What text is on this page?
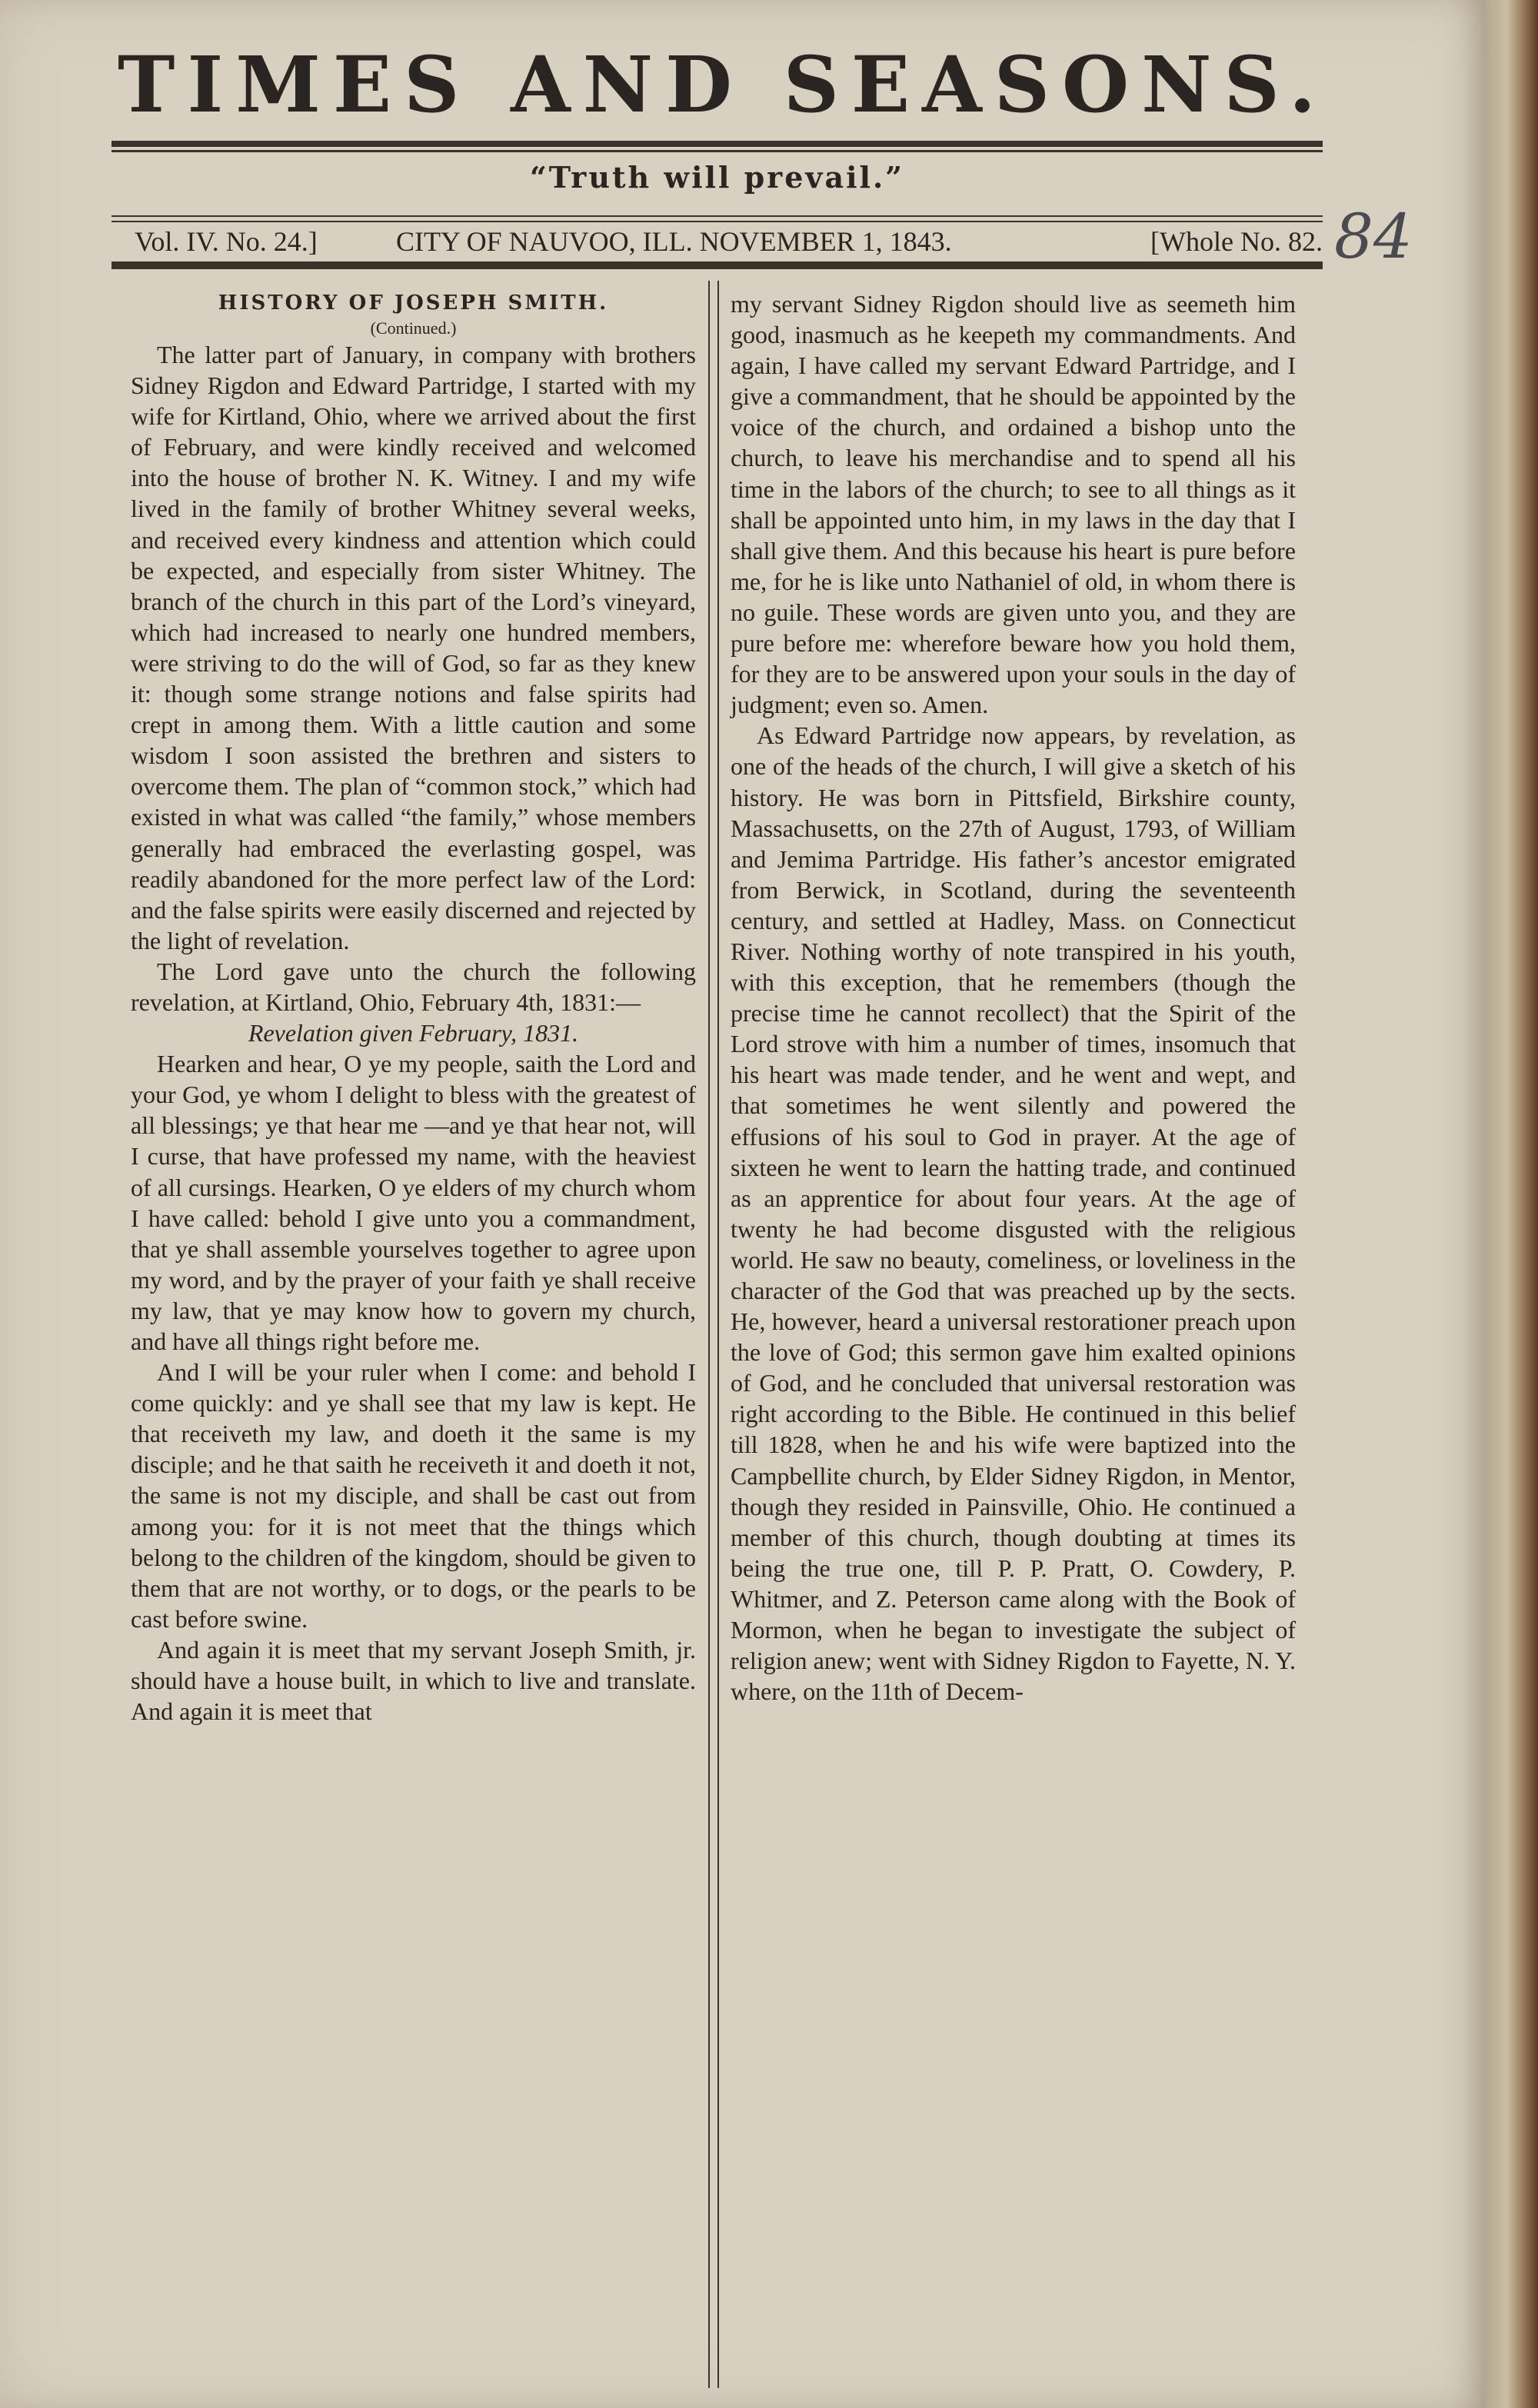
TIMES AND SEASONS.
“Truth will prevail.”
Vol. IV. No. 24.]	CITY OF NAUVOO, ILL. NOVEMBER 1, 1843.	[Whole No. 82. 84
HISTORY OF JOSEPH SMITH.
(Continued.)

The latter part of January, in company with brothers Sidney Rigdon and Edward Partridge, I started with my wife for Kirtland, Ohio, where we arrived about the first of February, and were kindly received and welcomed into the house of brother N. K. Witney. I and my wife lived in the family of brother Whitney several weeks, and received every kindness and attention which could be expected, and especially from sister Whitney. The branch of the church in this part of the Lord’s vineyard, which had increased to nearly one hundred members, were striving to do the will of God, so far as they knew it: though some strange notions and false spirits had crept in among them. With a little caution and some wisdom I soon assisted the brethren and sisters to overcome them. The plan of “common stock,” which had existed in what was called “the family,” whose members generally had embraced the everlasting gospel, was readily abandoned for the more perfect law of the Lord: and the false spirits were easily discerned and rejected by the light of revelation.

The Lord gave unto the church the following revelation, at Kirtland, Ohio, February 4th, 1831:—

Revelation given February, 1831.

Hearken and hear, O ye my people, saith the Lord and your God, ye whom I delight to bless with the greatest of all blessings; ye that hear me —and ye that hear not, will I curse, that have professed my name, with the heaviest of all cursings. Hearken, O ye elders of my church whom I have called: behold I give unto you a commandment, that ye shall assemble yourselves together to agree upon my word, and by the prayer of your faith ye shall receive my law, that ye may know how to govern my church, and have all things right before me.

And I will be your ruler when I come: and behold I come quickly: and ye shall see that my law is kept. He that receiveth my law, and doeth it the same is my disciple; and he that saith he receiveth it and doeth it not, the same is not my disciple, and shall be cast out from among you: for it is not meet that the things which belong to the children of the kingdom, should be given to them that are not worthy, or to dogs, or the pearls to be cast before swine.

And again it is meet that my servant Joseph Smith, jr. should have a house built, in which to live and translate. And again it is meet that

my servant Sidney Rigdon should live as seemeth him good, inasmuch as he keepeth my commandments. And again, I have called my servant Edward Partridge, and I give a commandment, that he should be appointed by the voice of the church, and ordained a bishop unto the church, to leave his merchandise and to spend all his time in the labors of the church; to see to all things as it shall be appointed unto him, in my laws in the day that I shall give them. And this because his heart is pure before me, for he is like unto Nathaniel of old, in whom there is no guile. These words are given unto you, and they are pure before me: wherefore beware how you hold them, for they are to be answered upon your souls in the day of judgment; even so. Amen.

As Edward Partridge now appears, by revelation, as one of the heads of the church, I will give a sketch of his history. He was born in Pittsfield, Birkshire county, Massachusetts, on the 27th of August, 1793, of William and Jemima Partridge. His father’s ancestor emigrated from Berwick, in Scotland, during the seventeenth century, and settled at Hadley, Mass. on Connecticut River. Nothing worthy of note transpired in his youth, with this exception, that he remembers (though the precise time he cannot recollect) that the Spirit of the Lord strove with him a number of times, insomuch that his heart was made tender, and he went and wept, and that sometimes he went silently and powered the effusions of his soul to God in prayer. At the age of sixteen he went to learn the hatting trade, and continued as an apprentice for about four years. At the age of twenty he had become disgusted with the religious world. He saw no beauty, comeliness, or loveliness in the character of the God that was preached up by the sects. He, however, heard a universal restorationer preach upon the love of God; this sermon gave him exalted opinions of God, and he concluded that universal restoration was right according to the Bible. He continued in this belief till 1828, when he and his wife were baptized into the Campbellite church, by Elder Sidney Rigdon, in Mentor, though they resided in Painsville, Ohio. He continued a member of this church, though doubting at times its being the true one, till P. P. Pratt, O. Cowdery, P. Whitmer, and Z. Peterson came along with the Book of Mormon, when he began to investigate the subject of religion anew; went with Sidney Rigdon to Fayette, N. Y. where, on the 11th of Decem-
